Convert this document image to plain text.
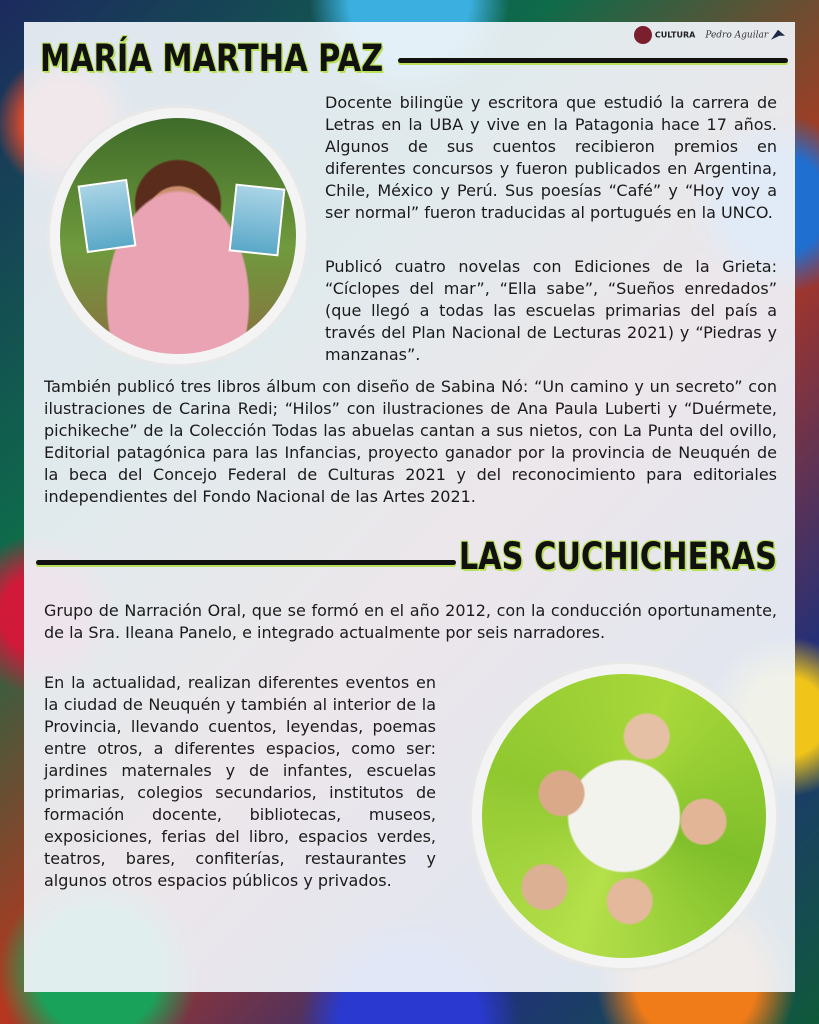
CULTURA Pedro Aguilar
MARÍA MARTHA PAZ

Docente bilingüe y escritora que estudió la carrera de Letras en la UBA y vive en la Patagonia hace 17 años. Algunos de sus cuentos recibieron premios en diferentes concursos y fueron publicados en Argentina, Chile, México y Perú. Sus poesías “Café” y “Hoy voy a ser normal” fueron traducidas al portugués en la UNCO.

Publicó cuatro novelas con Ediciones de la Grieta: “Cíclopes del mar”, “Ella sabe”, “Sueños enredados” (que llegó a todas las escuelas primarias del país a través del Plan Nacional de Lecturas 2021) y “Piedras y manzanas”.

También publicó tres libros álbum con diseño de Sabina Nó: “Un camino y un secreto” con ilustraciones de Carina Redi; “Hilos” con ilustraciones de Ana Paula Luberti y “Duérmete, pichikeche” de la Colección Todas las abuelas cantan a sus nietos, con La Punta del ovillo, Editorial patagónica para las Infancias, proyecto ganador por la provincia de Neuquén de la beca del Concejo Federal de Culturas 2021 y del reconocimiento para editoriales independientes del Fondo Nacional de las Artes 2021.

LAS CUCHICHERAS

Grupo de Narración Oral, que se formó en el año 2012, con la conducción oportunamente, de la Sra. Ileana Panelo, e integrado actualmente por seis narradores.

En la actualidad, realizan diferentes eventos en la ciudad de Neuquén y también al interior de la Provincia, llevando cuentos, leyendas, poemas entre otros, a diferentes espacios, como ser: jardines maternales y de infantes, escuelas primarias, colegios secundarios, institutos de formación docente, bibliotecas, museos, exposiciones, ferias del libro, espacios verdes, teatros, bares, confiterías, restaurantes y algunos otros espacios públicos y privados.
